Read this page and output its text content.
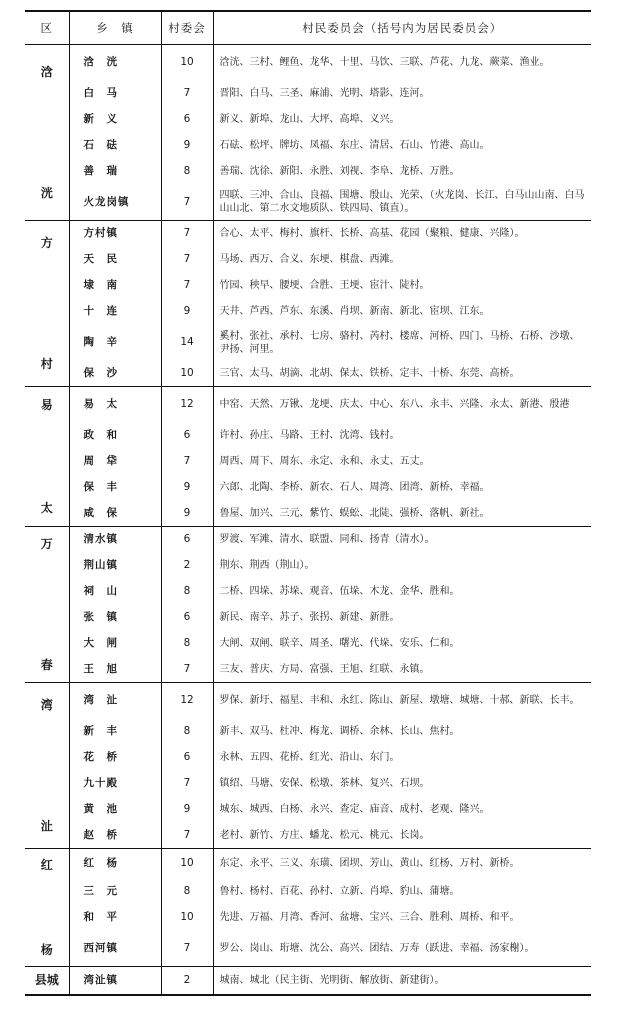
区	乡　镇	村委会	村民委员会（括号内为居民委员会）

浛
洸	浛　洸	10	浛洸、三村、鲤鱼、龙华、十里、马饮、三联、芦花、九龙、蕨菜、渔业。
	白　马	7	晋阳、白马、三圣、麻浦、光明、塔影、连河。
	新　义	6	新义、新埠、龙山、大坪、高埠、义兴。
	石　砝	9	石砝、松坪、牌坊、凤福、东庄、清居、石山、竹港、高山。
	善　瑞	8	善瑞、沈徐、新阳、永胜、刘视、李阜、龙桥、万胜。
	火龙岗镇	7	四联、三冲、合山、良福、围塘、殷山、光荣、（火龙岗、长江、白马山山南、白马山山北、第二水文地质队、铁四局、镇直）。

方
村	方村镇	7	合心、太平、梅村、旗杆、长桥、高基、花园（聚粮、健康、兴隆）。
	天　民	7	马场、西万、合义、东埂、棋盘、西滩。
	埭　南	7	竹园、秧早、腰埂、合胜、王埂、宦汁、陡村。
	十　连	9	天井、芦西、芦东、东溪、肖坝、新南、新北、宦坝、江东。
	陶　辛	14	奚村、张社、承村、七房、骆村、芮村、楼席、河桥、四门、马桥、石桥、沙墩、尹扬、河里。
	保　沙	10	三官、太马、胡滴、北胡、保太、铁桥、定丰、十桥、东莞、高桥。

易
太	易　太	12	中窑、天然、万锹、龙埂、庆太、中心、东八、永丰、兴隆、永太、新港、殷港
	政　和	6	许村、孙庄、马路、王村、沈湾、钱村。
	周　牮	7	周西、周下、周东、永定、永和、永丈、五丈。
	保　丰	9	六郎、北陶、李桥、新农、石人、周湾、团湾、新桥、幸福。
	咸　保	9	鲁屋、加兴、三元、紫竹、蜈蚣、北陡、强桥、落帆、新社。

万
春	清水镇	6	罗渡、军滩、清水、联盟、同和、扬青（清水）。
	荆山镇	2	荆东、荆西（荆山）。
	祠　山	8	二桥、四垛、苏垛、观音、伍垛、木龙、金华、胜和。
	张　镇	6	新民、南辛、苏子、张拐、新建、新胜。
	大　闸	8	大闸、双闸、联辛、周圣、曙光、代垛、安乐、仁和。
	王　旭	7	三友、普庆、方局、富强、王旭、红联、永镇。

湾
沚	湾　沚	12	罗保、新圩、福星、丰和、永红、陈山、新屋、墩塘、城塘、十郝、新联、长丰。
	新　丰	8	新丰、双马、杜冲、梅龙、调桥、余林、长山、焦村。
	花　桥	6	永林、五四、花桥、红光、沿山、东门。
	九十殿	7	镇绍、马塘、安保、松墩、茶林、复兴、石坝。
	黄　池	9	城东、城西、白杨、永兴、查定、庙音、成村、老观、隆兴。
	赵　桥	7	老村、新竹、方庄、蟠龙、松元、桃元、长岗。

红
杨	红　杨	10	东定、永平、三义、东璜、团坝、芳山、黄山、红杨、万村、新桥。
	三　元	8	鲁村、杨村、百花、孙村、立新、肖埠、豹山、蒲塘。
	和　平	10	先进、万福、月湾、香河、盆塘、宝兴、三合、胜利、周桥、和平。
	西河镇	7	罗公、岗山、珩塘、沈公、高兴、团结、万寿（跃进、幸福、汤家榭）。

县城	湾沚镇	2	城南、城北（民主街、光明街、解放街、新建街）。
